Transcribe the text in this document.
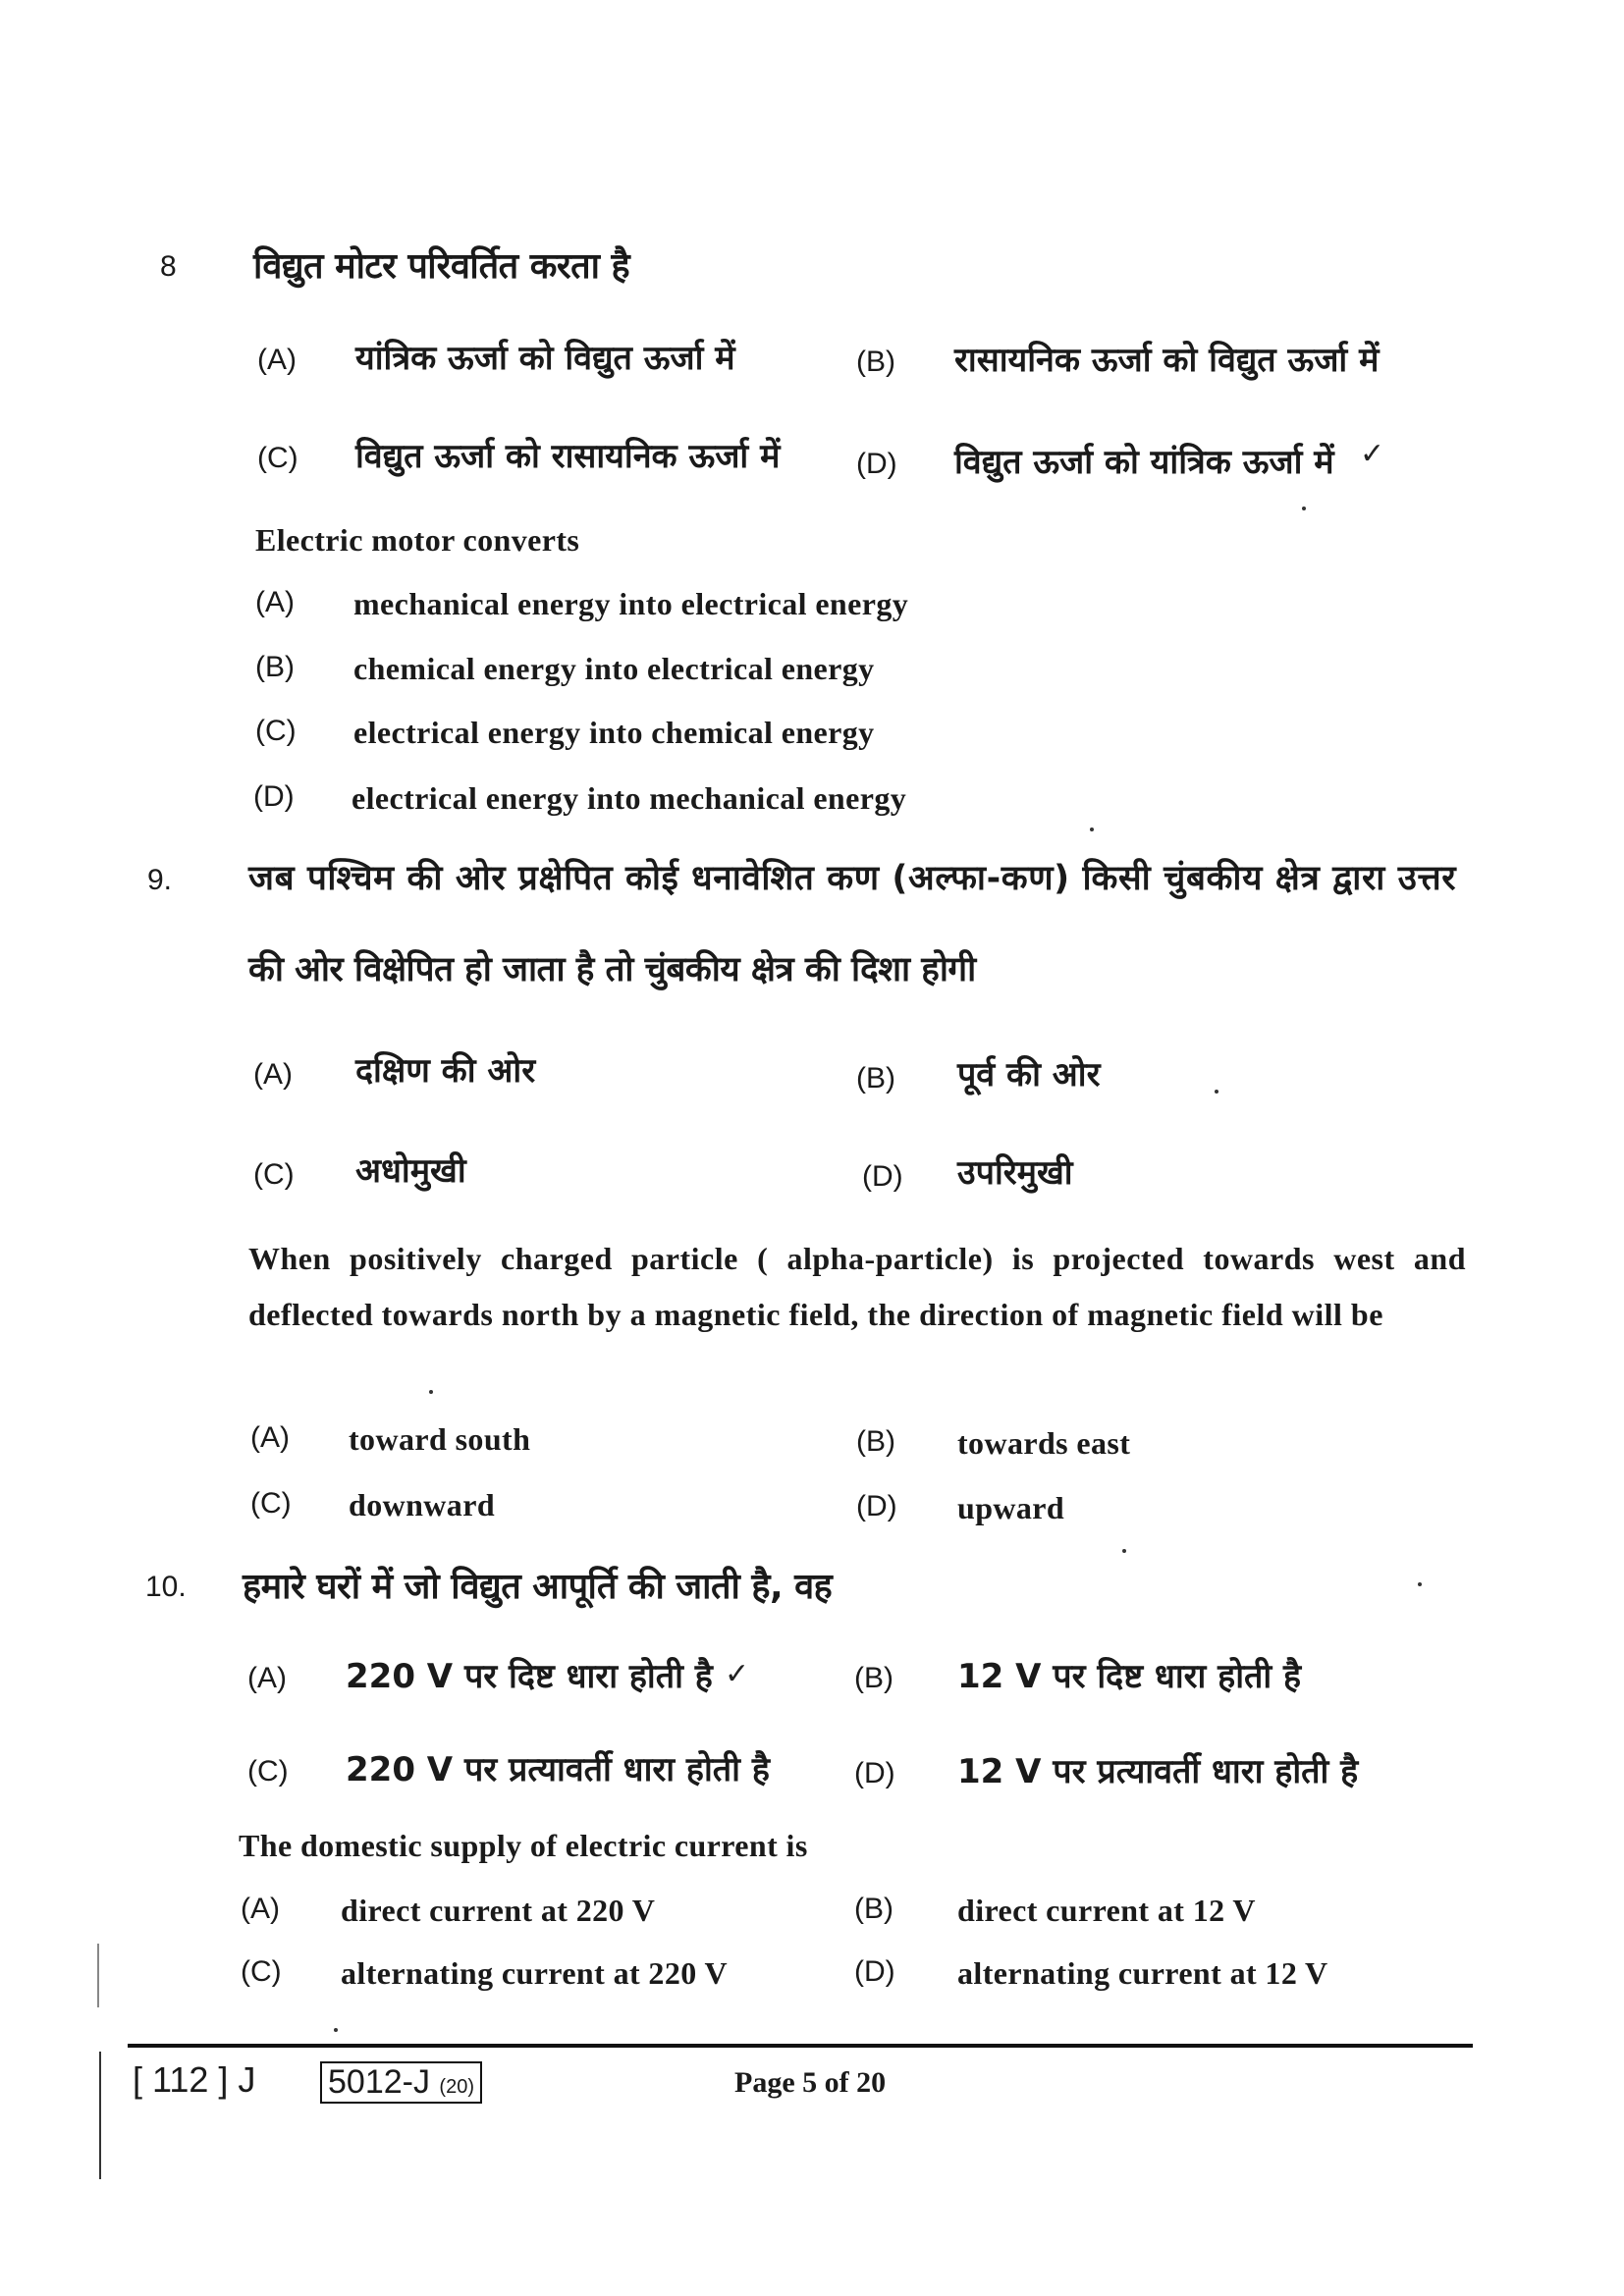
8 विद्युत मोटर परिवर्तित करता है
(A) यांत्रिक ऊर्जा को विद्युत ऊर्जा में	(B) रासायनिक ऊर्जा को विद्युत ऊर्जा में
(C) विद्युत ऊर्जा को रासायनिक ऊर्जा में	(D) विद्युत ऊर्जा को यांत्रिक ऊर्जा में ✓
Electric motor converts
(A) mechanical energy into electrical energy
(B) chemical energy into electrical energy
(C) electrical energy into chemical energy
(D) electrical energy into mechanical energy
9. जब पश्चिम की ओर प्रक्षेपित कोई धनावेशित कण (अल्फा-कण) किसी चुंबकीय क्षेत्र द्वारा उत्तर
की ओर विक्षेपित हो जाता है तो चुंबकीय क्षेत्र की दिशा होगी
(A) दक्षिण की ओर	(B) पूर्व की ओर
(C) अधोमुखी	(D) उपरिमुखी
When positively charged particle ( alpha-particle) is projected towards west and deflected towards north by a magnetic field, the direction of magnetic field will be
(A) toward south	(B) towards east
(C) downward	(D) upward
10. हमारे घरों में जो विद्युत आपूर्ति की जाती है, वह
(A) 220 V पर दिष्ट धारा होती है ✓	(B) 12 V पर दिष्ट धारा होती है
(C) 220 V पर प्रत्यावर्ती धारा होती है	(D) 12 V पर प्रत्यावर्ती धारा होती है
The domestic supply of electric current is
(A) direct current at 220 V	(B) direct current at 12 V
(C) alternating current at 220 V	(D) alternating current at 12 V
[ 112 ] J 5012-J (20)	Page 5 of 20
